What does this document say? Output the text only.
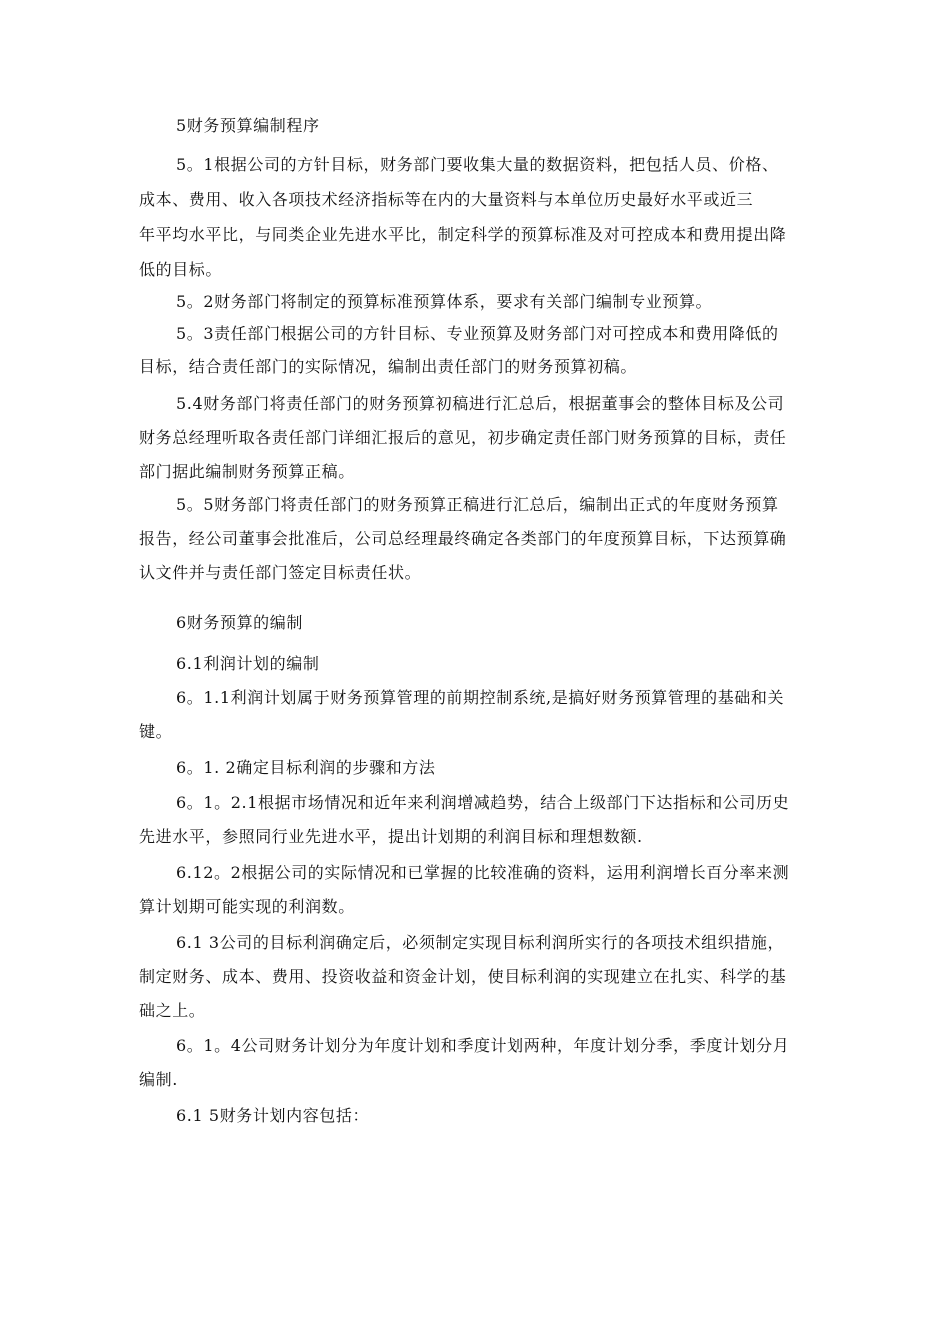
5财务预算编制程序
5。1根据公司的方针目标，财务部门要收集大量的数据资料，把包括人员、价格、
成本、费用、收入各项技术经济指标等在内的大量资料与本单位历史最好水平或近三
年平均水平比，与同类企业先进水平比，制定科学的预算标准及对可控成本和费用提出降
低的目标。
5。2财务部门将制定的预算标准预算体系，要求有关部门编制专业预算。
5。3责任部门根据公司的方针目标、专业预算及财务部门对可控成本和费用降低的
目标，结合责任部门的实际情况，编制出责任部门的财务预算初稿。
5.4财务部门将责任部门的财务预算初稿进行汇总后，根据董事会的整体目标及公司
财务总经理听取各责任部门详细汇报后的意见，初步确定责任部门财务预算的目标，责任
部门据此编制财务预算正稿。
5。5财务部门将责任部门的财务预算正稿进行汇总后，编制出正式的年度财务预算
报告，经公司董事会批准后，公司总经理最终确定各类部门的年度预算目标，下达预算确
认文件并与责任部门签定目标责任状。
6财务预算的编制
6.1利润计划的编制
6。1.1利润计划属于财务预算管理的前期控制系统,是搞好财务预算管理的基础和关
键。
6。1. 2确定目标利润的步骤和方法
6。1。2.1根据市场情况和近年来利润增减趋势，结合上级部门下达指标和公司历史
先进水平，参照同行业先进水平，提出计划期的利润目标和理想数额.
6.12。2根据公司的实际情况和已掌握的比较准确的资料，运用利润增长百分率来测
算计划期可能实现的利润数。
6.1 3公司的目标利润确定后，必须制定实现目标利润所实行的各项技术组织措施，
制定财务、成本、费用、投资收益和资金计划，使目标利润的实现建立在扎实、科学的基
础之上。
6。1。4公司财务计划分为年度计划和季度计划两种，年度计划分季，季度计划分月
编制.
6.1 5财务计划内容包括：
